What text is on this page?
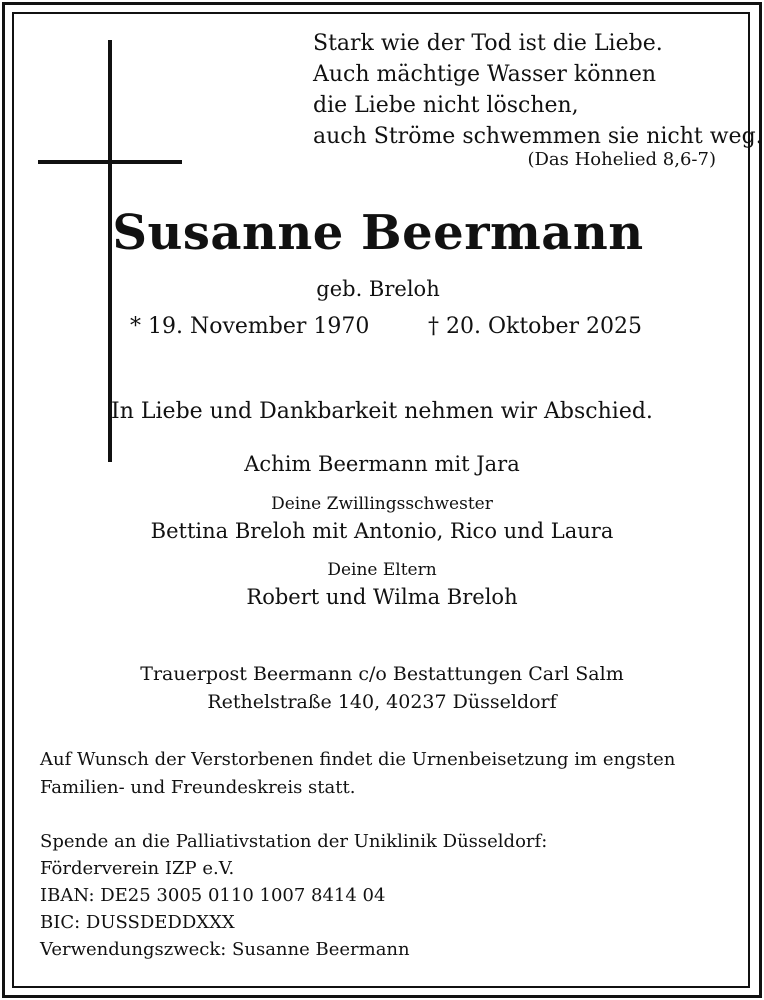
Stark wie der Tod ist die Liebe.
Auch mächtige Wasser können
die Liebe nicht löschen,
auch Ströme schwemmen sie nicht weg.
(Das Hohelied 8,6-7)
Susanne Beermann
geb. Breloh
* 19. November 1970	† 20. Oktober 2025
In Liebe und Dankbarkeit nehmen wir Abschied.
Achim Beermann mit Jara
Deine Zwillingsschwester
Bettina Breloh mit Antonio, Rico und Laura
Deine Eltern
Robert und Wilma Breloh
Trauerpost Beermann c/o Bestattungen Carl Salm
Rethelstraße 140, 40237 Düsseldorf
Auf Wunsch der Verstorbenen findet die Urnenbeisetzung im engsten
Familien- und Freundeskreis statt.
Spende an die Palliativstation der Uniklinik Düsseldorf:
Förderverein IZP e.V.
IBAN: DE25 3005 0110 1007 8414 04
BIC: DUSSDEDDXXX
Verwendungszweck: Susanne Beermann
